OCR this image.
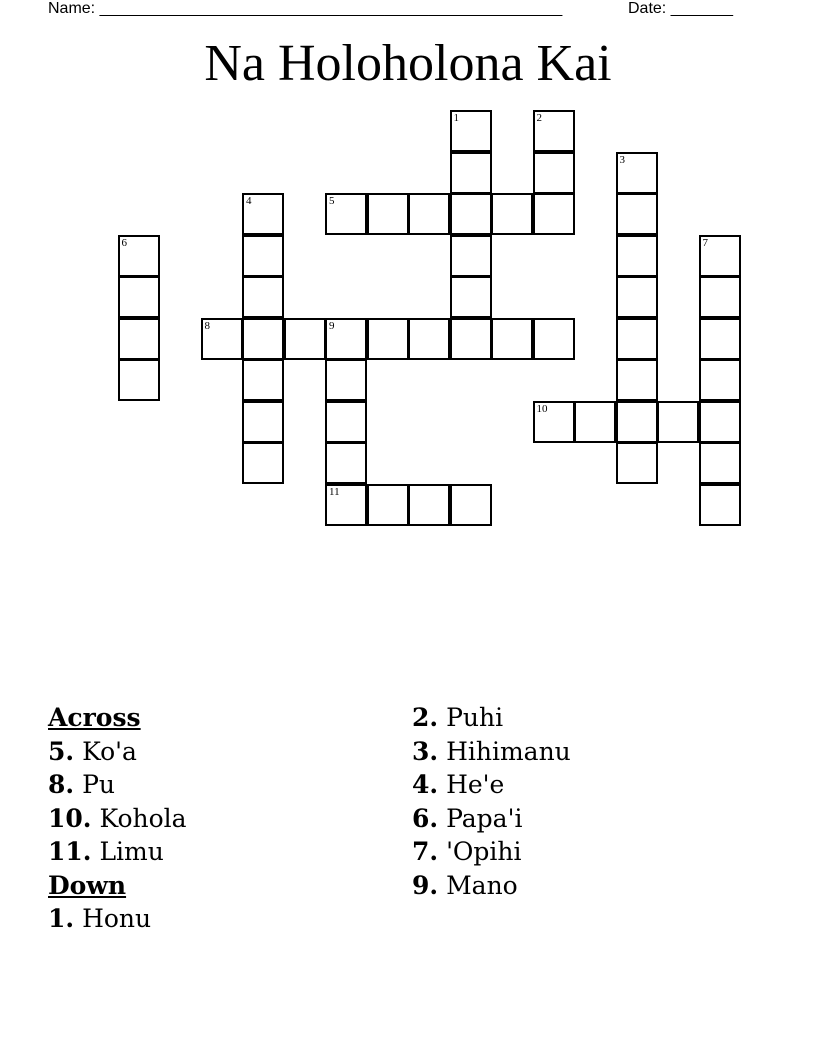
Name: ____________________________________________________	Date: _______
Na Holoholona Kai
1	2
3
4	5
6	7
8	9
10
11
Across
5. Ko'a
8. Pu
10. Kohola
11. Limu
Down
1. Honu
2. Puhi
3. Hihimanu
4. He'e
6. Papa'i
7. 'Opihi
9. Mano
